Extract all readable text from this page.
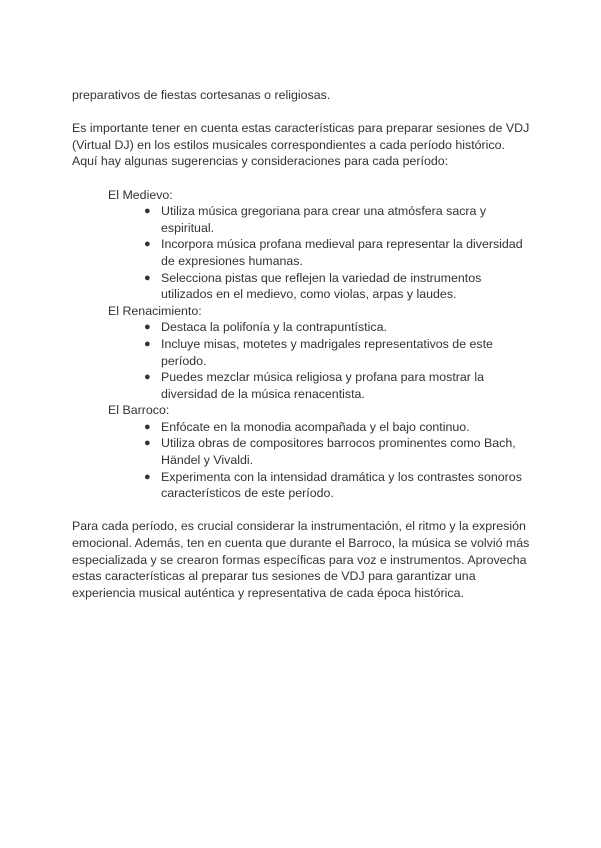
preparativos de fiestas cortesanas o religiosas.

Es importante tener en cuenta estas características para preparar sesiones de VDJ (Virtual DJ) en los estilos musicales correspondientes a cada período histórico. Aquí hay algunas sugerencias y consideraciones para cada período:

El Medievo:

● Utiliza música gregoriana para crear una atmósfera sacra y espiritual.
● Incorpora música profana medieval para representar la diversidad de expresiones humanas.
● Selecciona pistas que reflejen la variedad de instrumentos utilizados en el medievo, como violas, arpas y laudes.

El Renacimiento:

● Destaca la polifonía y la contrapuntística.
● Incluye misas, motetes y madrigales representativos de este período.
● Puedes mezclar música religiosa y profana para mostrar la diversidad de la música renacentista.

El Barroco:

● Enfócate en la monodia acompañada y el bajo continuo.
● Utiliza obras de compositores barrocos prominentes como Bach, Händel y Vivaldi.
● Experimenta con la intensidad dramática y los contrastes sonoros característicos de este período.

Para cada período, es crucial considerar la instrumentación, el ritmo y la expresión emocional. Además, ten en cuenta que durante el Barroco, la música se volvió más especializada y se crearon formas específicas para voz e instrumentos. Aprovecha estas características al preparar tus sesiones de VDJ para garantizar una experiencia musical auténtica y representativa de cada época histórica.
